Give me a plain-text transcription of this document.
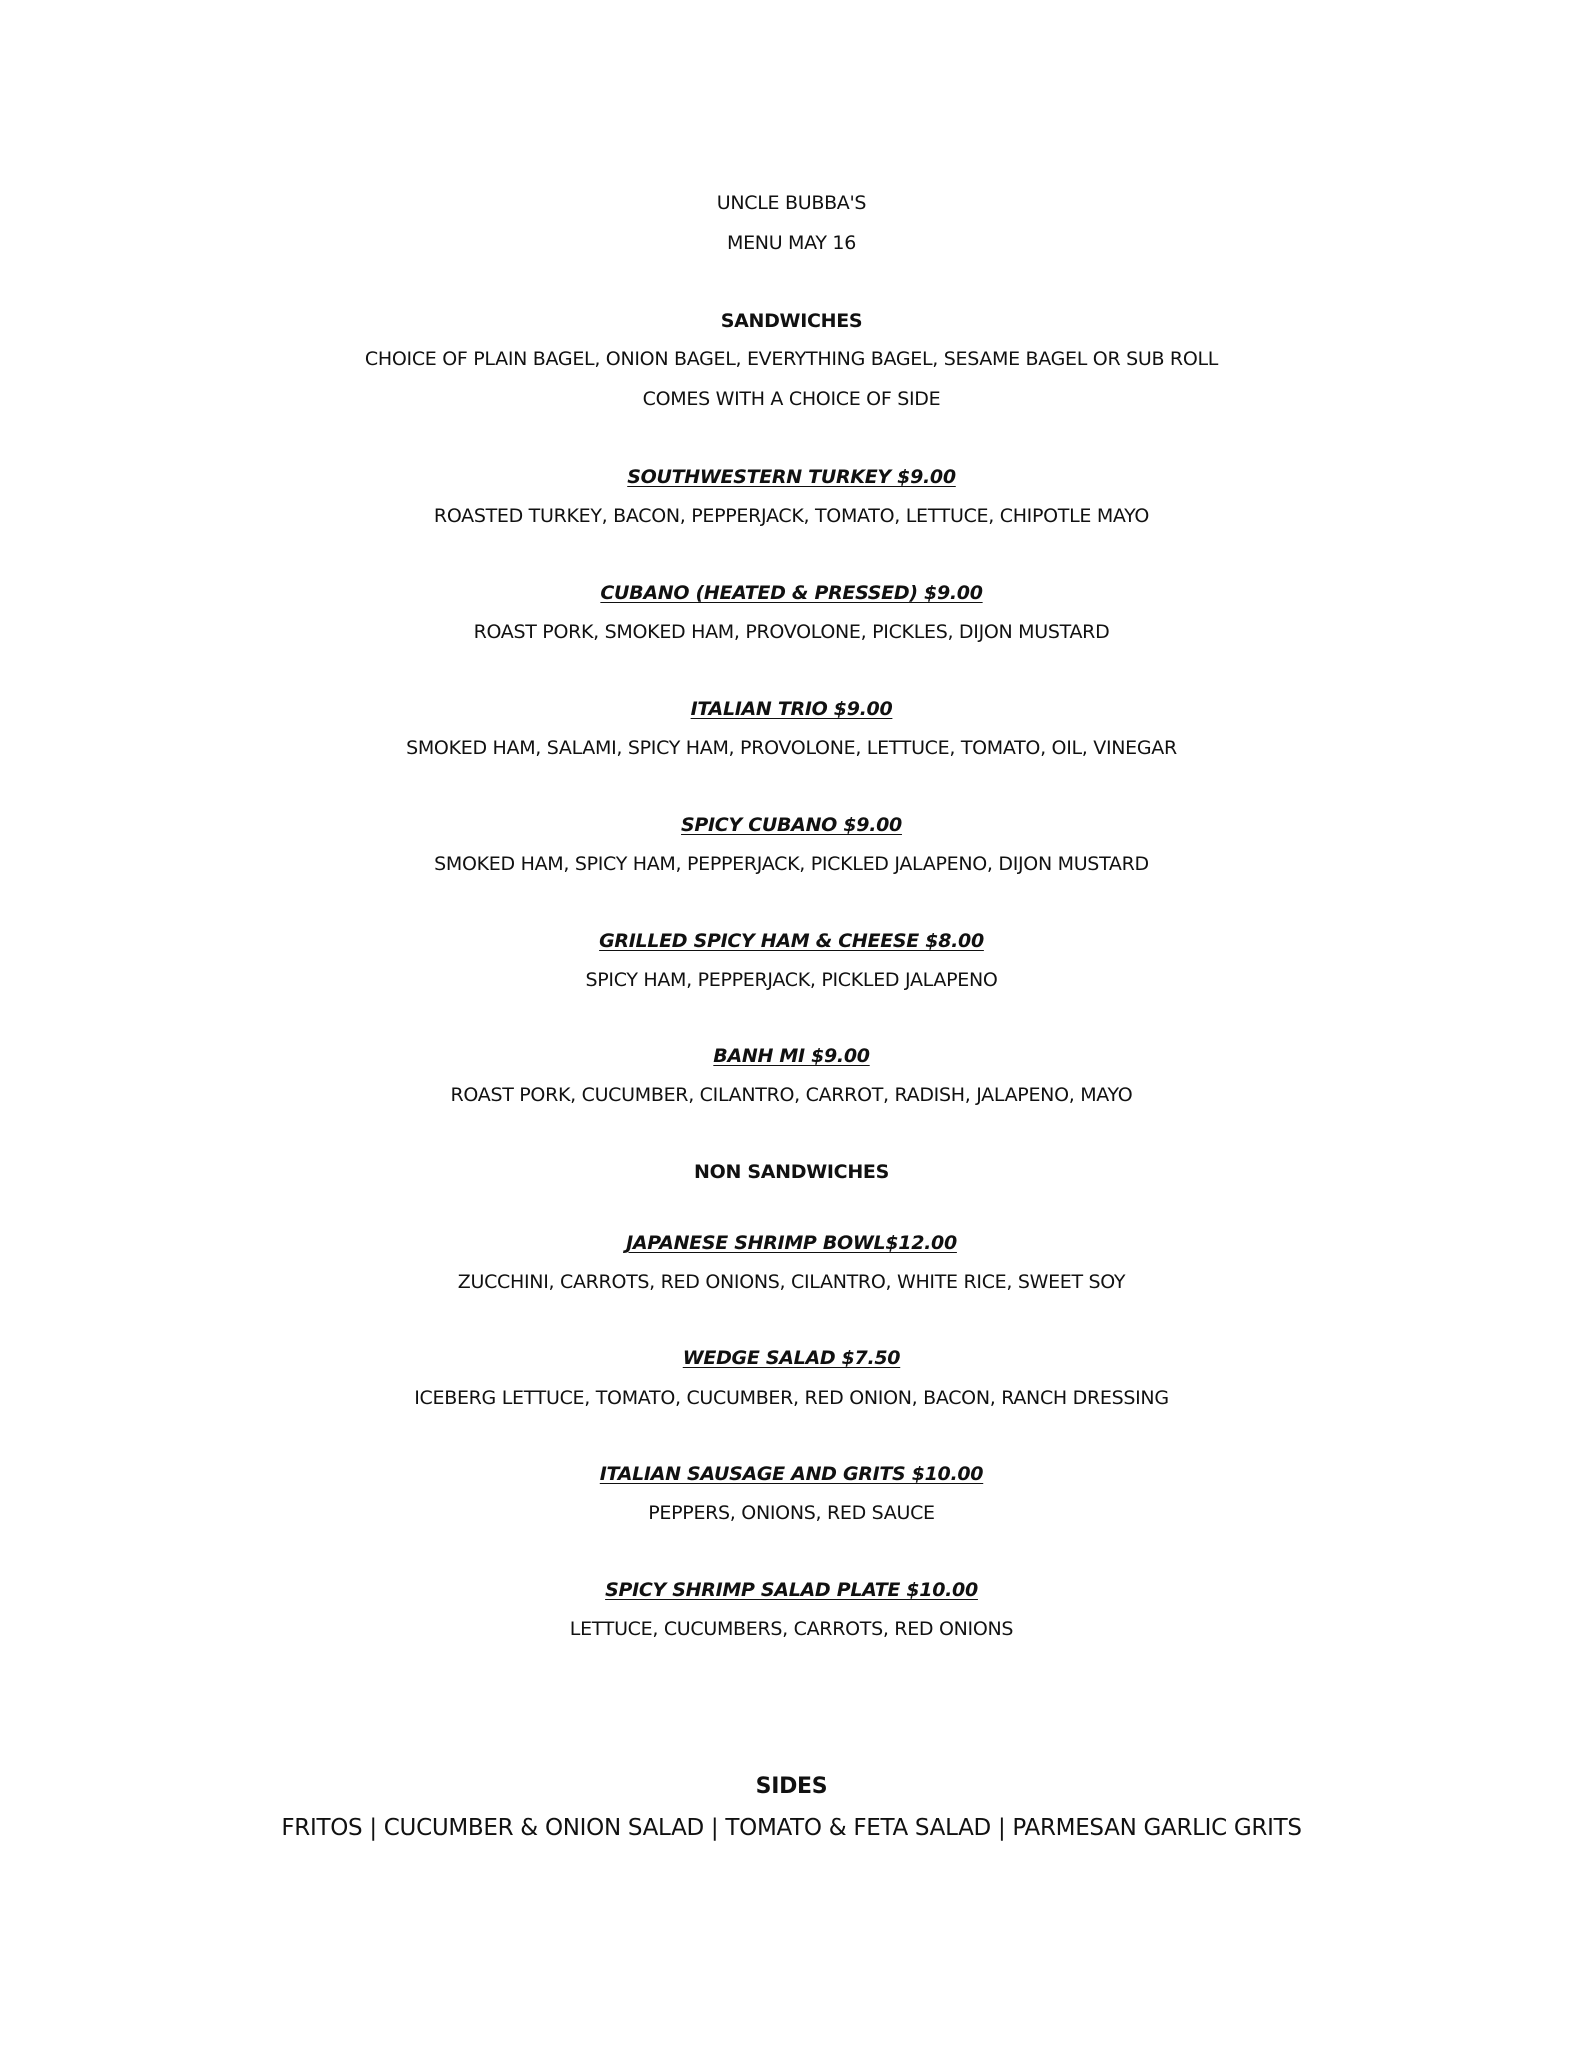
UNCLE BUBBA'S
MENU MAY 16
SANDWICHES
CHOICE OF PLAIN BAGEL, ONION BAGEL, EVERYTHING BAGEL, SESAME BAGEL OR SUB ROLL
COMES WITH A CHOICE OF SIDE
SOUTHWESTERN TURKEY $9.00
ROASTED TURKEY, BACON, PEPPERJACK, TOMATO, LETTUCE, CHIPOTLE MAYO
CUBANO (HEATED & PRESSED) $9.00
ROAST PORK, SMOKED HAM, PROVOLONE, PICKLES, DIJON MUSTARD
ITALIAN TRIO $9.00
SMOKED HAM, SALAMI, SPICY HAM, PROVOLONE, LETTUCE, TOMATO, OIL, VINEGAR
SPICY CUBANO $9.00
SMOKED HAM, SPICY HAM, PEPPERJACK, PICKLED JALAPENO, DIJON MUSTARD
GRILLED SPICY HAM & CHEESE $8.00
SPICY HAM, PEPPERJACK, PICKLED JALAPENO
BANH MI $9.00
ROAST PORK, CUCUMBER, CILANTRO, CARROT, RADISH, JALAPENO, MAYO
NON SANDWICHES
JAPANESE SHRIMP BOWL$12.00
ZUCCHINI, CARROTS, RED ONIONS, CILANTRO, WHITE RICE, SWEET SOY
WEDGE SALAD $7.50
ICEBERG LETTUCE, TOMATO, CUCUMBER, RED ONION, BACON, RANCH DRESSING
ITALIAN SAUSAGE AND GRITS $10.00
PEPPERS, ONIONS, RED SAUCE
SPICY SHRIMP SALAD PLATE $10.00
LETTUCE, CUCUMBERS, CARROTS, RED ONIONS
SIDES
FRITOS | CUCUMBER & ONION SALAD | TOMATO & FETA SALAD | PARMESAN GARLIC GRITS
